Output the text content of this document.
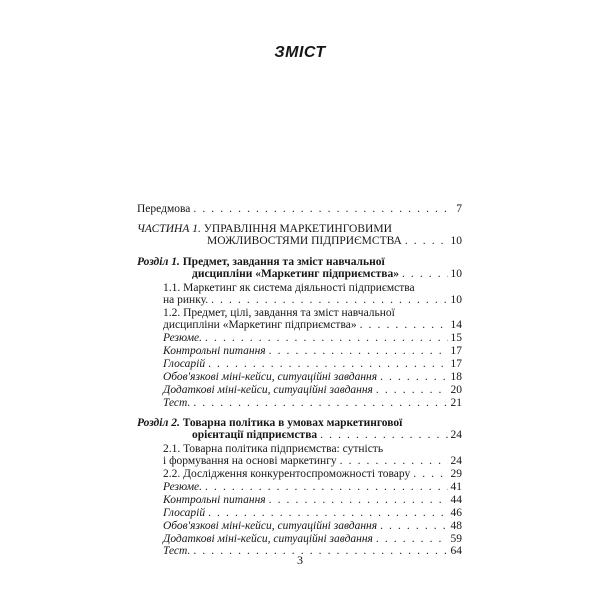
ЗМІСТ
Передмова . . .	7
ЧАСТИНА 1. УПРАВЛІННЯ МАРКЕТИНГОВИМИ
МОЖЛИВОСТЯМИ ПІДПРИЄМСТВА . . .	10
Розділ 1. Предмет, завдання та зміст навчальної
дисципліни «Маркетинг підприємства» . . .	10
1.1. Маркетинг як система діяльності підприємства
на ринку. . . .	10
1.2. Предмет, цілі, завдання та зміст навчальної
дисципліни «Маркетинг підприємства» . . .	14
Резюме. . . .	15
Контрольні питання . . .	17
Глосарій . . .	17
Обов'язкові міні-кейси, ситуаційні завдання . . .	18
Додаткові міні-кейси, ситуаційні завдання . . .	20
Тест. . . .	21
Розділ 2. Товарна політика в умовах маркетингової
орієнтації підприємства . . .	24
2.1. Товарна політика підприємства: сутність
і формування на основі маркетингу . . .	24
2.2. Дослідження конкурентоспроможності товару . . .	29
Резюме. . . .	41
Контрольні питання . . .	44
Глосарій . . .	46
Обов'язкові міні-кейси, ситуаційні завдання . . .	48
Додаткові міні-кейси, ситуаційні завдання . . .	59
Тест. . . .	64
3
